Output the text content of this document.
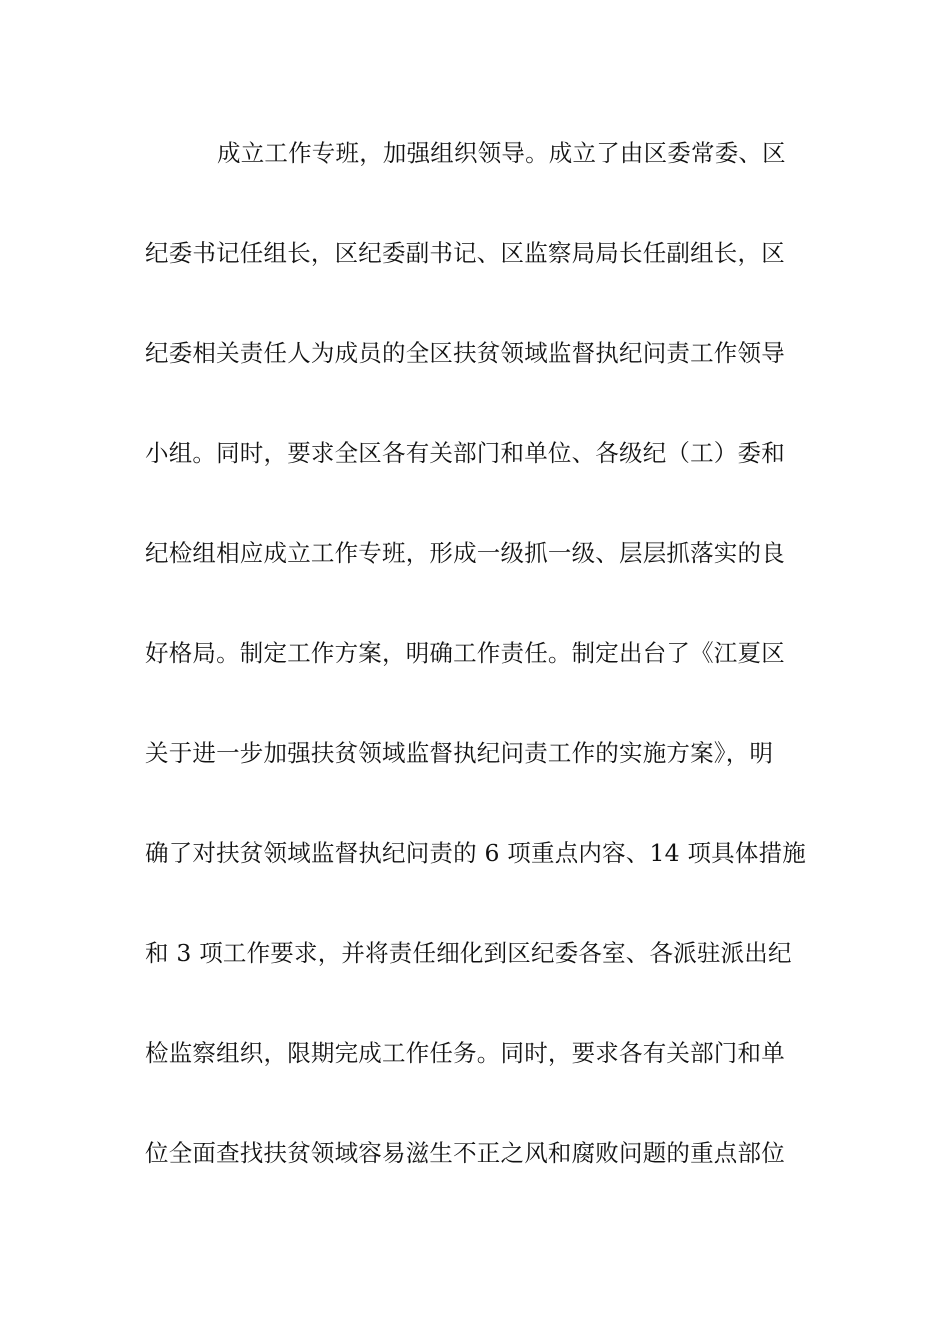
成立工作专班，加强组织领导。成立了由区委常委、区
纪委书记任组长，区纪委副书记、区监察局局长任副组长，区
纪委相关责任人为成员的全区扶贫领域监督执纪问责工作领导
小组。同时，要求全区各有关部门和单位、各级纪（工）委和
纪检组相应成立工作专班，形成一级抓一级、层层抓落实的良
好格局。制定工作方案，明确工作责任。制定出台了《江夏区
关于进一步加强扶贫领域监督执纪问责工作的实施方案》，明
确了对扶贫领域监督执纪问责的 6 项重点内容、14 项具体措施
和 3 项工作要求，并将责任细化到区纪委各室、各派驻派出纪
检监察组织，限期完成工作任务。同时，要求各有关部门和单
位全面查找扶贫领域容易滋生不正之风和腐败问题的重点部位
